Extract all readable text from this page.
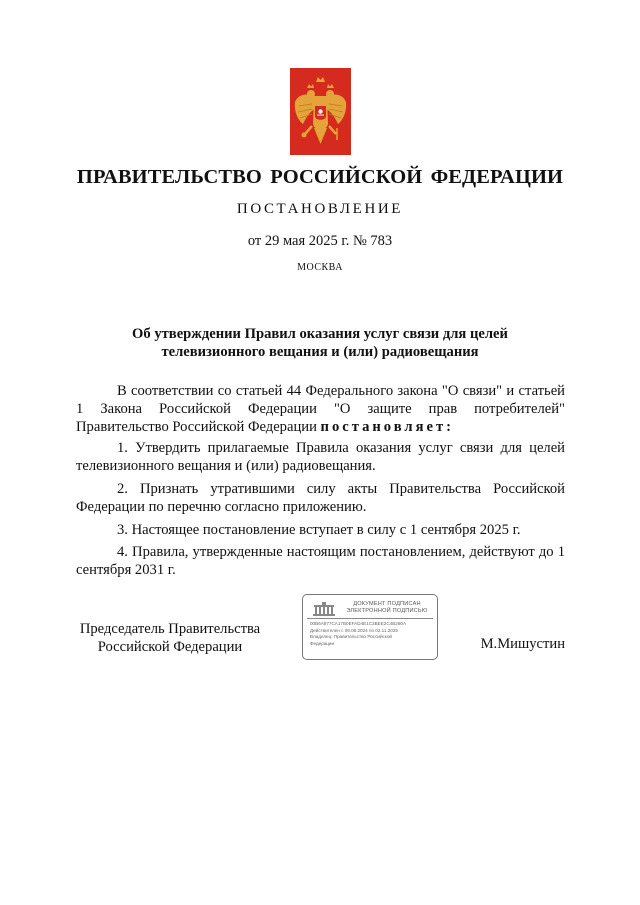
ПРАВИТЕЛЬСТВО РОССИЙСКОЙ ФЕДЕРАЦИИ
ПОСТАНОВЛЕНИЕ
от 29 мая 2025 г. № 783
МОСКВА
Об утверждении Правил оказания услуг связи для целей
телевизионного вещания и (или) радиовещания

В соответствии со статьей 44 Федерального закона "О связи" и статьей 1 Закона Российской Федерации "О защите прав потребителей" Правительство Российской Федерации постановляет:

1. Утвердить прилагаемые Правила оказания услуг связи для целей телевизионного вещания и (или) радиовещания.

2. Признать утратившими силу акты Правительства Российской Федерации по перечню согласно приложению.

3. Настоящее постановление вступает в силу с 1 сентября 2025 г.

4. Правила, утвержденные настоящим постановлением, действуют до 1 сентября 2031 г.

Председатель Правительства
Российской Федерации
ДОКУМЕНТ ПОДПИСАН
ЭЛЕКТРОННОЙ ПОДПИСЬЮ
00B6A877CA17B0EFAD4E1C3BEE2C4B260A
Действителен с 09.08.2024 по 02.11.2025
Владелец: Правительство Российской
Федерации	М.Мишустин
